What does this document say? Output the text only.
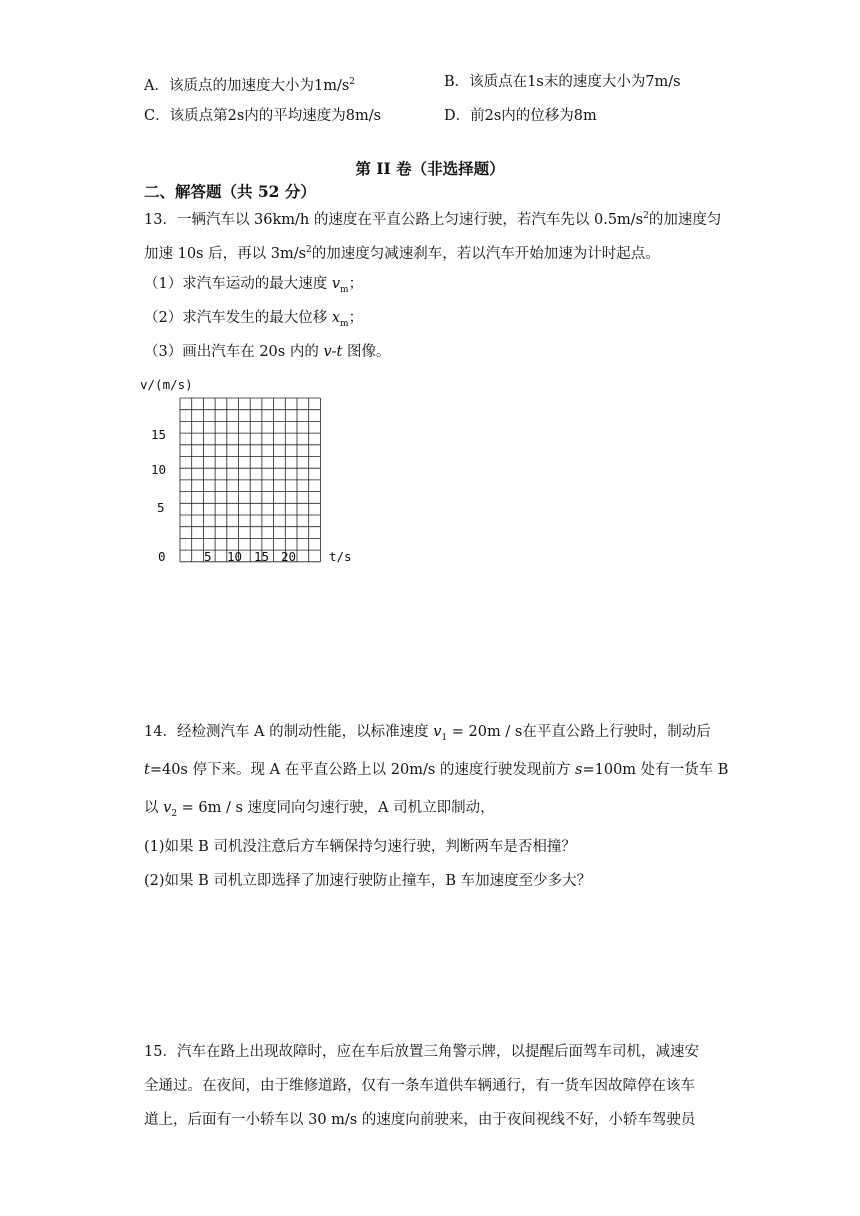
A．该质点的加速度大小为$1m/s^2$	B．该质点在1s末的速度大小为7m/s
C．该质点第2s内的平均速度为8m/s	D．前2s内的位移为8m
第 II 卷（非选择题）
二、解答题（共 52 分）
13．一辆汽车以 36km/h 的速度在平直公路上匀速行驶，若汽车先以 $0.5m/s^2$的加速度匀
加速 10s 后，再以 $3m/s^2$的加速度匀减速刹车，若以汽车开始加速为计时起点。
（1）求汽车运动的最大速度 $v_m$；
（2）求汽车发生的最大位移 $x_m$；
（3）画出汽车在 20s 内的 v-t 图像。
v/(m/s)
15
10
5
0	5 10 15 20	t/s
14．经检测汽车 A 的制动性能，以标准速度 $v_1 = 20m / s$在平直公路上行驶时，制动后
t=40s 停下来。现 A 在平直公路上以 20m/s 的速度行驶发现前方 s=100m 处有一货车 B
以 $v_2 = 6m / s$ 速度同向匀速行驶，A 司机立即制动，
(1)如果 B 司机没注意后方车辆保持匀速行驶，判断两车是否相撞？
(2)如果 B 司机立即选择了加速行驶防止撞车，B 车加速度至少多大？
15．汽车在路上出现故障时，应在车后放置三角警示牌，以提醒后面驾车司机，减速安
全通过。在夜间，由于维修道路，仅有一条车道供车辆通行，有一货车因故障停在该车
道上，后面有一小轿车以 30 m/s 的速度向前驶来，由于夜间视线不好，小轿车驾驶员
